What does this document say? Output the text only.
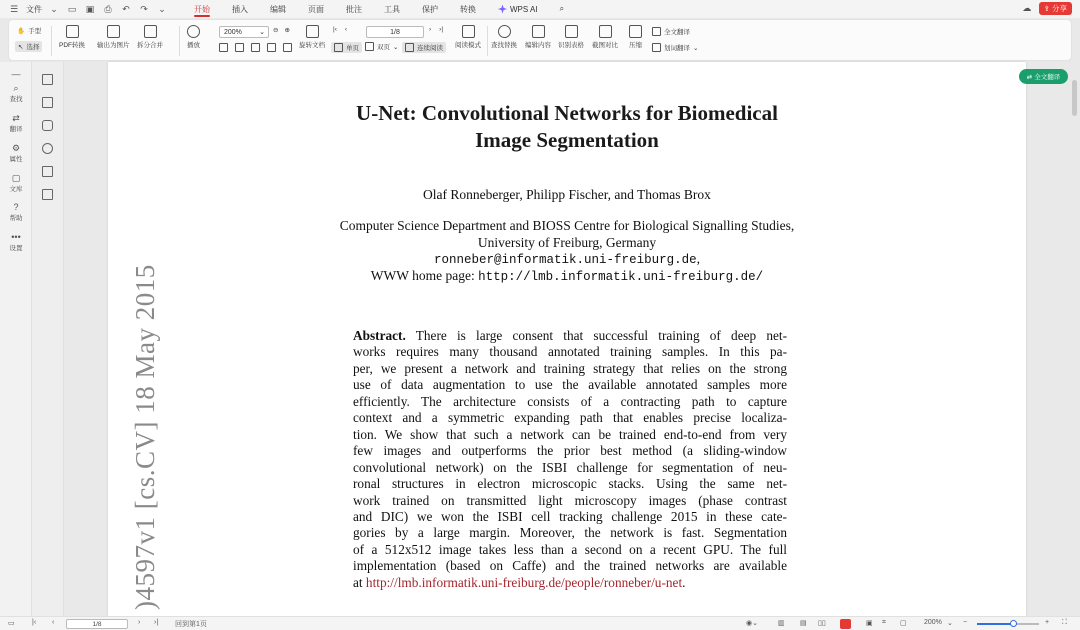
☰ 文件 ⌄ ▭ ▣ ⎙ ↶ ↷ ⌄	开始	插入	编辑	页面	批注	工具	保护	转换	WPS AI	⌕	☁ ⇪ 分享
✋ 手型
↖ 选择	PDF转换 输出为图片 拆分合并	播放
200% ⌄ ⊖ ⊕
旋转文档
|‹ ‹	1/8	› ›|
单页	双页 ⌄	连续阅读 阅读模式 查找替换 编辑内容 识别表格 截图对比 压缩
全文翻译
划词翻译 ⌄
—
⌕
查找
⇄
翻译
⚙
属性
▢
文库
?
帮助
•••
设置
U-Net: Convolutional Networks for Biomedical
Image Segmentation
Olaf Ronneberger, Philipp Fischer, and Thomas Brox
Computer Science Department and BIOSS Centre for Biological Signalling Studies,
University of Freiburg, Germany
ronneber@informatik.uni-freiburg.de,
WWW home page: http://lmb.informatik.uni-freiburg.de/
Abstract. There is large consent that successful training of deep net-
works requires many thousand annotated training samples. In this pa-
per, we present a network and training strategy that relies on the strong
use of data augmentation to use the available annotated samples more
efficiently. The architecture consists of a contracting path to capture
context and a symmetric expanding path that enables precise localiza-
tion. We show that such a network can be trained end-to-end from very
few images and outperforms the prior best method (a sliding-window
convolutional network) on the ISBI challenge for segmentation of neu-
ronal structures in electron microscopic stacks. Using the same net-
work trained on transmitted light microscopy images (phase contrast
and DIC) we won the ISBI cell tracking challenge 2015 in these cate-
gories by a large margin. Moreover, the network is fast. Segmentation
of a 512x512 image takes less than a second on a recent GPU. The full
implementation (based on Caffe) and the trained networks are available
at http://lmb.informatik.uni-freiburg.de/people/ronneber/u-net.
)4597v1 [cs.CV] 18 May 2015
⇄ 全文翻译
▭ |‹ ‹	1/8	› ›| 回到第1页	◉⌄	▥ ▤ ▯▯	▣ ⌗ ▢ 200% ⌄ −	+ ⛶
